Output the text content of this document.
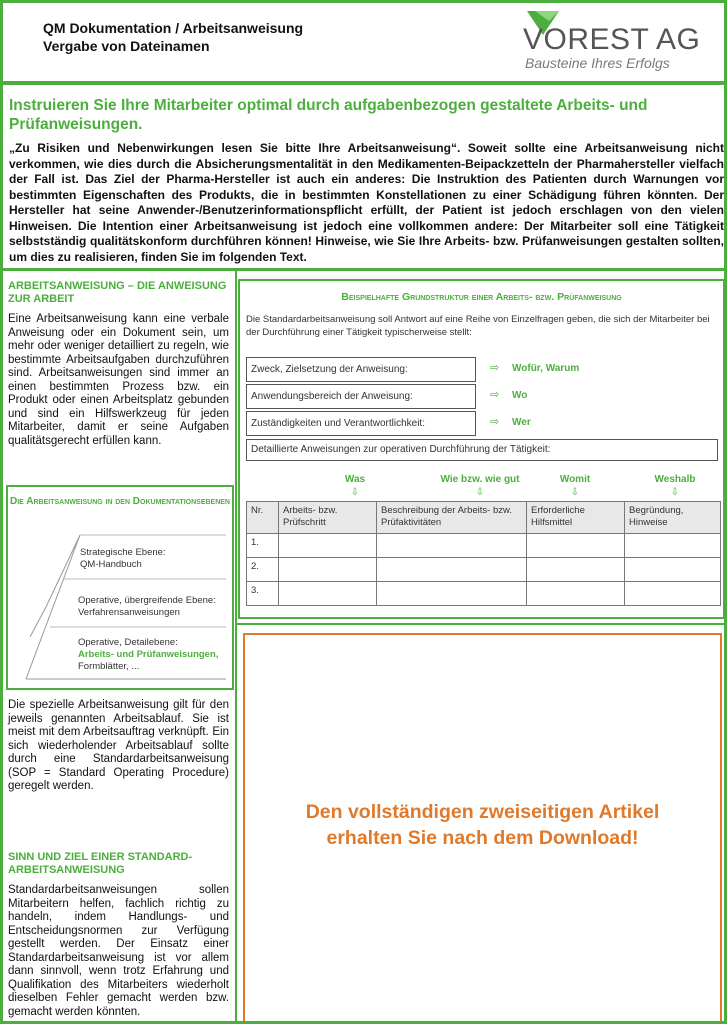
QM Dokumentation / Arbeitsanweisung
Vergabe von Dateinamen	VOREST AG
Bausteine Ihres Erfolgs
Instruieren Sie Ihre Mitarbeiter optimal durch aufgabenbezogen gestaltete Arbeits- und Prüfanweisungen.
„Zu Risiken und Nebenwirkungen lesen Sie bitte Ihre Arbeitsanweisung“. Soweit sollte eine Arbeitsanweisung nicht verkommen, wie dies durch die Absicherungsmentalität in den Medikamenten-Beipackzetteln der Pharmahersteller vielfach der Fall ist. Das Ziel der Pharma-Hersteller ist auch ein anderes: Die Instruktion des Patienten durch Warnungen vor bestimmten Eigenschaften des Produkts, die in bestimmten Konstellationen zu einer Schädigung führen könnten. Der Hersteller hat seine Anwender-/Benutzerinformationspflicht erfüllt, der Patient ist jedoch erschlagen von den vielen Hinweisen. Die Intention einer Arbeitsanweisung ist jedoch eine vollkommen andere: Der Mitarbeiter soll eine Tätigkeit selbstständig qualitätskonform durchführen können! Hinweise, wie Sie Ihre Arbeits- bzw. Prüfanweisungen gestalten sollten, um dies zu realisieren, finden Sie im folgenden Text.
ARBEITSANWEISUNG – DIE ANWEISUNG ZUR ARBEIT
Eine Arbeitsanweisung kann eine verbale Anweisung oder ein Dokument sein, um mehr oder weniger detailliert zu regeln, wie bestimmte Arbeitsaufgaben durchzuführen sind. Arbeitsanweisungen sind immer an einen bestimmten Prozess bzw. ein Produkt oder einen Arbeitsplatz gebunden und sind ein Hilfswerkzeug für jeden Mitarbeiter, damit er seine Aufgaben qualitätsgerecht erfüllen kann.
Die Arbeitsanweisung in den Dokumentationsebenen
Strategische Ebene:
QM-Handbuch
Operative, übergreifende Ebene:
Verfahrensanweisungen
Operative, Detailebene:
Arbeits- und Prüfanweisungen,
Formblätter, ...
Die spezielle Arbeitsanweisung gilt für den jeweils genannten Arbeitsablauf. Sie ist meist mit dem Arbeitsauftrag verknüpft. Ein sich wiederholender Arbeitsablauf sollte durch eine Standardarbeitsanweisung (SOP = Standard Operating Procedure) geregelt werden.
SINN UND ZIEL EINER STANDARD-ARBEITSANWEISUNG
Standardarbeitsanweisungen sollen Mitarbeitern helfen, fachlich richtig zu handeln, indem Handlungs- und Entscheidungsnormen zur Verfügung gestellt werden. Der Einsatz einer Standardarbeitsanweisung ist vor allem dann sinnvoll, wenn trotz Erfahrung und Qualifikation des Mitarbeiters wiederholt dieselben Fehler gemacht werden bzw. gemacht werden könnten.
Beispielhafte Grundstruktur einer Arbeits- bzw. Prüfanweisung
Die Standardarbeitsanweisung soll Antwort auf eine Reihe von Einzelfragen geben, die sich der Mitarbeiter bei der Durchführung einer Tätigkeit typischerweise stellt:
Zweck, Zielsetzung der Anweisung:	⇨ Wofür, Warum
Anwendungsbereich der Anweisung:	⇨ Wo
Zuständigkeiten und Verantwortlichkeit:	⇨ Wer
Detaillierte Anweisungen zur operativen Durchführung der Tätigkeit:
Was
⇩
Wie bzw. wie gut
⇩
Womit
⇩
Weshalb
⇩
Nr.	Arbeits- bzw. Prüfschritt	Beschreibung der Arbeits- bzw. Prüfaktivitäten	Erforderliche Hilfsmittel	Begründung, Hinweise
1.				
2.				
3.				
Den vollständigen zweiseitigen Artikel
erhalten Sie nach dem Download!
